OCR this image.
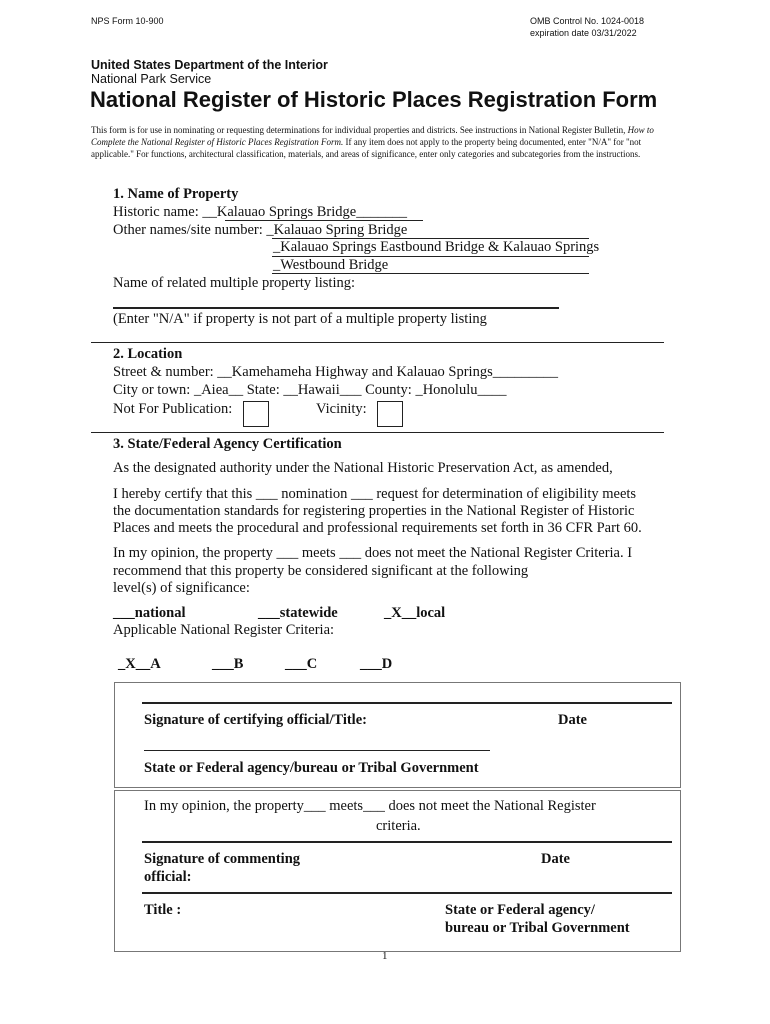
NPS Form 10-900	OMB Control No. 1024-0018
expiration date 03/31/2022
United States Department of the Interior
National Park Service
National Register of Historic Places Registration Form
This form is for use in nominating or requesting determinations for individual properties and districts. See instructions in National Register Bulletin, How to Complete the National Register of Historic Places Registration Form. If any item does not apply to the property being documented, enter "N/A" for "not applicable." For functions, architectural classification, materials, and areas of significance, enter only categories and subcategories from the instructions.
1. Name of Property
Historic name: __Kalauao Springs Bridge_______
Other names/site number: _Kalauao Spring Bridge
_Kalauao Springs Eastbound Bridge & Kalauao Springs
_Westbound Bridge
Name of related multiple property listing:
(Enter "N/A" if property is not part of a multiple property listing
2. Location
Street & number: __Kamehameha Highway and Kalauao Springs_________
City or town: _Aiea__ State: __Hawaii___ County: _Honolulu____
Not For Publication:	Vicinity:
3. State/Federal Agency Certification
As the designated authority under the National Historic Preservation Act, as amended,
I hereby certify that this ___ nomination ___ request for determination of eligibility meets
the documentation standards for registering properties in the National Register of Historic
Places and meets the procedural and professional requirements set forth in 36 CFR Part 60.
In my opinion, the property ___ meets ___ does not meet the National Register Criteria. I
recommend that this property be considered significant at the following
level(s) of significance:
___national	___statewide	_X__local
Applicable National Register Criteria:
_X__A	___B	___C	___D
Signature of certifying official/Title:	Date
State or Federal agency/bureau or Tribal Government
In my opinion, the property___ meets___ does not meet the National Register
criteria.
Signature of commenting
official:
Date
Title :	State or Federal agency/
bureau or Tribal Government
1
